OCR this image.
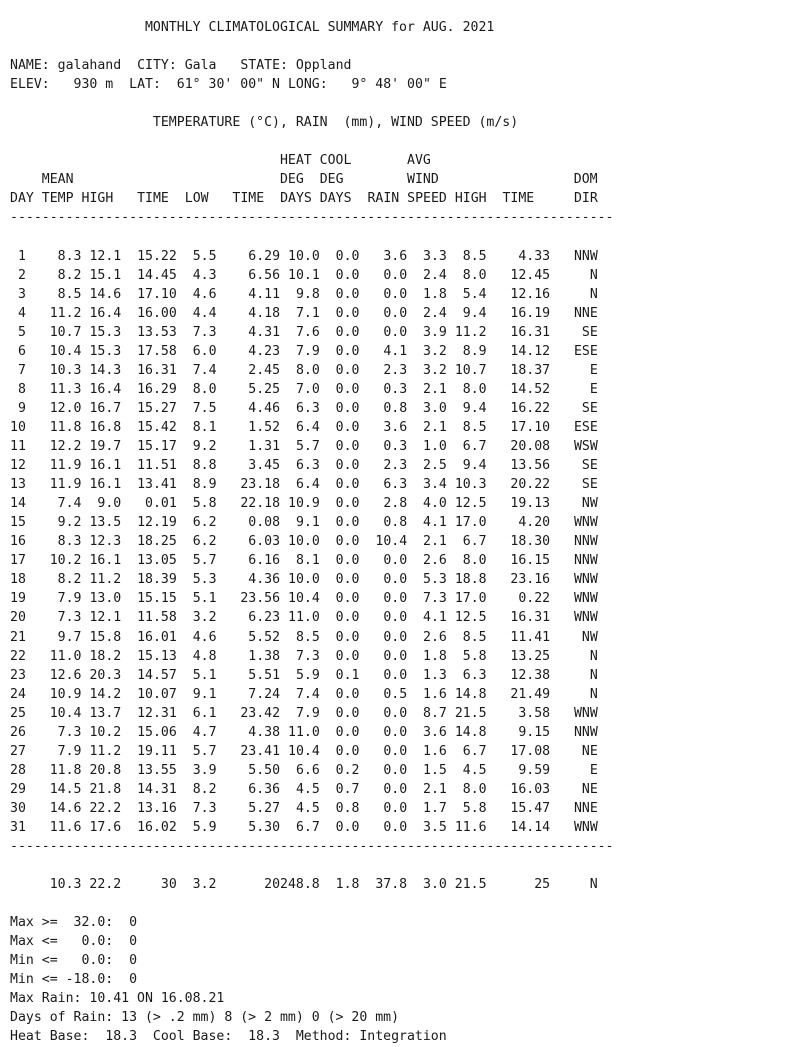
MONTHLY CLIMATOLOGICAL SUMMARY for AUG. 2021
NAME: galahand CITY: Gala STATE: Oppland
ELEV: 930 m LAT: 61° 30' 00" N LONG: 9° 48' 00" E
TEMPERATURE (°C), RAIN  (mm), WIND SPEED (m/s)
HEAT COOL	AVG
MEAN	DEG DEG	WIND	DOM
DAY TEMP HIGH TIME LOW TIME DAYS DAYS RAIN SPEED HIGH TIME	DIR
----------------------------------------------------------------------------
1 8.3 12.1 15.22 5.5 6.29 10.0 0.0 3.6 3.3 8.5 4.33 NNW
2 8.2 15.1 14.45 4.3 6.56 10.1 0.0 0.0 2.4 8.0 12.45	N
3 8.5 14.6 17.10 4.6 4.11 9.8 0.0 0.0 1.8 5.4 12.16	N
4 11.2 16.4 16.00 4.4 4.18 7.1 0.0 0.0 2.4 9.4 16.19 NNE
5 10.7 15.3 13.53 7.3 4.31 7.6 0.0 0.0 3.9 11.2 16.31 SE
6 10.4 15.3 17.58 6.0 4.23 7.9 0.0 4.1 3.2 8.9 14.12 ESE
7 10.3 14.3 16.31 7.4 2.45 8.0 0.0 2.3 3.2 10.7 18.37	E
8 11.3 16.4 16.29 8.0 5.25 7.0 0.0 0.3 2.1 8.0 14.52	E
9 12.0 16.7 15.27 7.5 4.46 6.3 0.0 0.8 3.0 9.4 16.22 SE
10 11.8 16.8 15.42 8.1 1.52 6.4 0.0 3.6 2.1 8.5 17.10 ESE
11 12.2 19.7 15.17 9.2 1.31 5.7 0.0 0.3 1.0 6.7 20.08 WSW
12 11.9 16.1 11.51 8.8 3.45 6.3 0.0 2.3 2.5 9.4 13.56 SE
13 11.9 16.1 13.41 8.9 23.18 6.4 0.0 6.3 3.4 10.3 20.22 SE
14 7.4 9.0 0.01 5.8 22.18 10.9 0.0 2.8 4.0 12.5 19.13 NW
15 9.2 13.5 12.19 6.2 0.08 9.1 0.0 0.8 4.1 17.0 4.20 WNW
16 8.3 12.3 18.25 6.2 6.03 10.0 0.0 10.4 2.1 6.7 18.30 NNW
17 10.2 16.1 13.05 5.7 6.16 8.1 0.0 0.0 2.6 8.0 16.15 NNW
18 8.2 11.2 18.39 5.3 4.36 10.0 0.0 0.0 5.3 18.8 23.16 WNW
19 7.9 13.0 15.15 5.1 23.56 10.4 0.0 0.0 7.3 17.0 0.22 WNW
20 7.3 12.1 11.58 3.2 6.23 11.0 0.0 0.0 4.1 12.5 16.31 WNW
21 9.7 15.8 16.01 4.6 5.52 8.5 0.0 0.0 2.6 8.5 11.41 NW
22 11.0 18.2 15.13 4.8 1.38 7.3 0.0 0.0 1.8 5.8 13.25	N
23 12.6 20.3 14.57 5.1 5.51 5.9 0.1 0.0 1.3 6.3 12.38	N
24 10.9 14.2 10.07 9.1 7.24 7.4 0.0 0.5 1.6 14.8 21.49	N
25 10.4 13.7 12.31 6.1 23.42 7.9 0.0 0.0 8.7 21.5 3.58 WNW
26 7.3 10.2 15.06 4.7 4.38 11.0 0.0 0.0 3.6 14.8 9.15 NNW
27 7.9 11.2 19.11 5.7 23.41 10.4 0.0 0.0 1.6 6.7 17.08 NE
28 11.8 20.8 13.55 3.9 5.50 6.6 0.2 0.0 1.5 4.5 9.59	E
29 14.5 21.8 14.31 8.2 6.36 4.5 0.7 0.0 2.1 8.0 16.03 NE
30 14.6 22.2 13.16 7.3 5.27 4.5 0.8 0.0 1.7 5.8 15.47 NNE
31 11.6 17.6 16.02 5.9 5.30 6.7 0.0 0.0 3.5 11.6 14.14 WNW
----------------------------------------------------------------------------
10.3 22.2	30 3.2	20248.8 1.8 37.8 3.0 21.5	25	N
Max >=  32.0:  0
Max <=   0.0:  0
Min <=   0.0:  0
Min <= -18.0:  0
Max Rain: 10.41 ON 16.08.21
Days of Rain: 13 (> .2 mm) 8 (> 2 mm) 0 (> 20 mm)
Heat Base:  18.3  Cool Base:  18.3  Method: Integration
